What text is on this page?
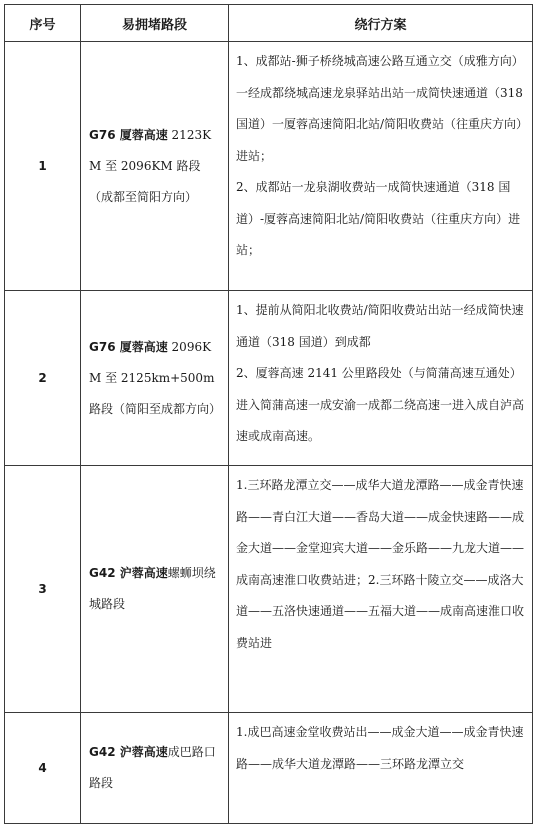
序号	易拥堵路段	绕行方案
1	G76 厦蓉高速 2123KM 至 2096KM 路段（成都至简阳方向）	1、成都站-狮子桥绕城高速公路互通立交（成雅方向）一经成都绕城高速龙泉驿站出站一成简快速通道（318 国道）一厦蓉高速简阳北站/简阳收费站（往重庆方向）进站；

2、成都站一龙泉湖收费站一成简快速通道（318 国道）-厦蓉高速简阳北站/简阳收费站（往重庆方向）进站；

2	G76 厦蓉高速 2096KM 至 2125km+500m 路段（简阳至成都方向）	1、提前从简阳北收费站/简阳收费站出站一经成简快速通道（318 国道）到成都

2、厦蓉高速 2141 公里路段处（与简蒲高速互通处）进入简蒲高速一成安渝一成都二绕高速一进入成自泸高速或成南高速。

3	G42 沪蓉高速螺蛳坝绕城路段	1.三环路龙潭立交——成华大道龙潭路——成金青快速路——青白江大道——香岛大道——成金快速路——成金大道——金堂迎宾大道——金乐路——九龙大道——成南高速淮口收费站进；2.三环路十陵立交——成洛大道——五洛快速通道——五福大道——成南高速淮口收费站进

4	G42 沪蓉高速成巴路口路段	1.成巴高速金堂收费站出——成金大道——成金青快速路——成华大道龙潭路——三环路龙潭立交
